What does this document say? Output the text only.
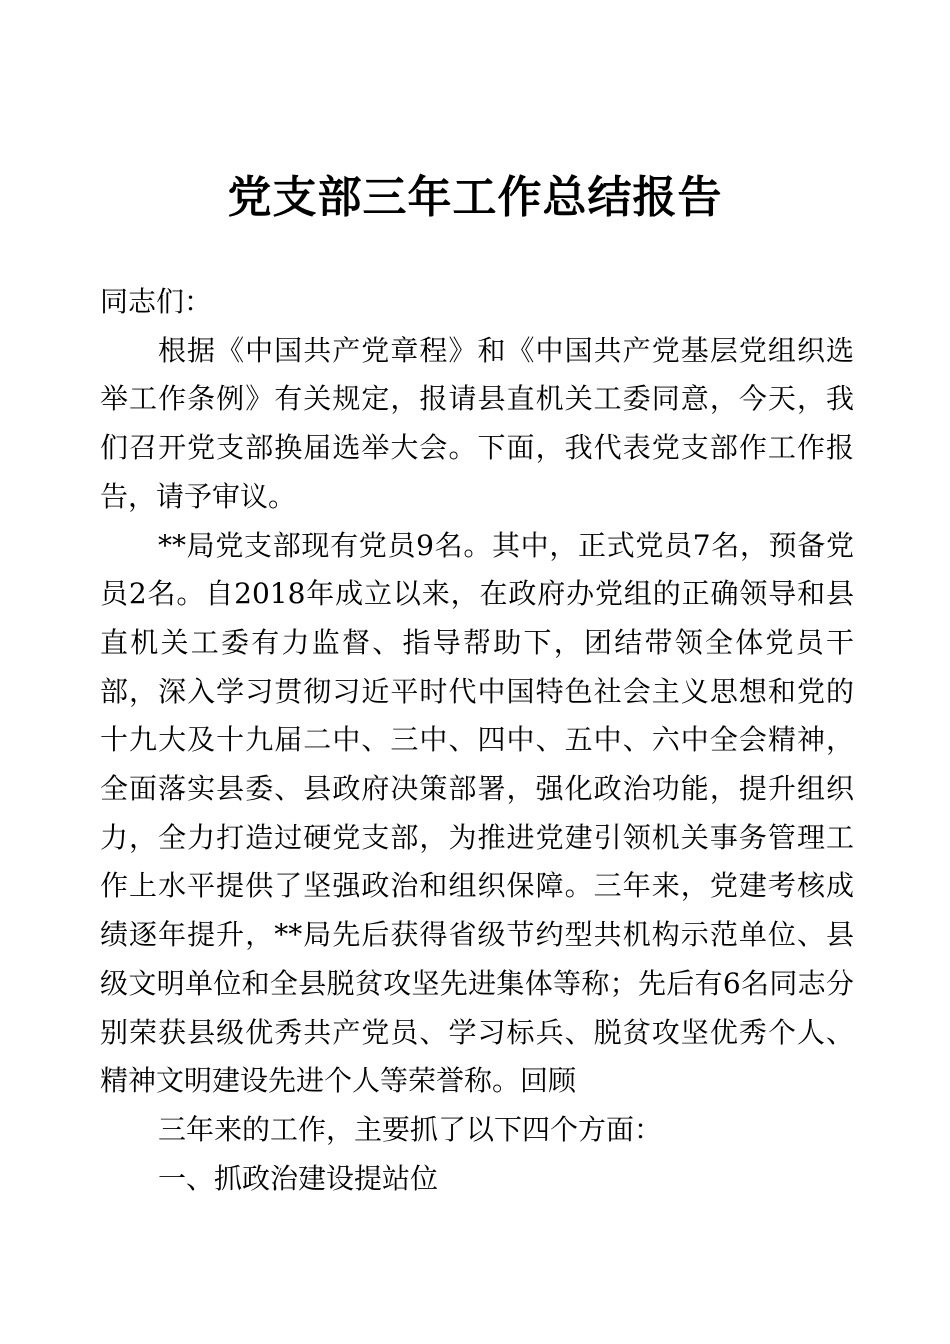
党支部三年工作总结报告

同志们：

根据《中国共产党章程》和《中国共产党基层党组织选举工作条例》有关规定，报请县直机关工委同意，今天，我们召开党支部换届选举大会。下面，我代表党支部作工作报告，请予审议。

**局党支部现有党员9名。其中，正式党员7名，预备党员2名。自2018年成立以来，在政府办党组的正确领导和县直机关工委有力监督、指导帮助下，团结带领全体党员干部，深入学习贯彻习近平时代中国特色社会主义思想和党的十九大及十九届二中、三中、四中、五中、六中全会精神，全面落实县委、县政府决策部署，强化政治功能，提升组织力，全力打造过硬党支部，为推进党建引领机关事务管理工作上水平提供了坚强政治和组织保障。三年来，党建考核成绩逐年提升，**局先后获得省级节约型共机构示范单位、县级文明单位和全县脱贫攻坚先进集体等称；先后有6名同志分别荣获县级优秀共产党员、学习标兵、脱贫攻坚优秀个人、精神文明建设先进个人等荣誉称。回顾

三年来的工作，主要抓了以下四个方面：

一、抓政治建设提站位
